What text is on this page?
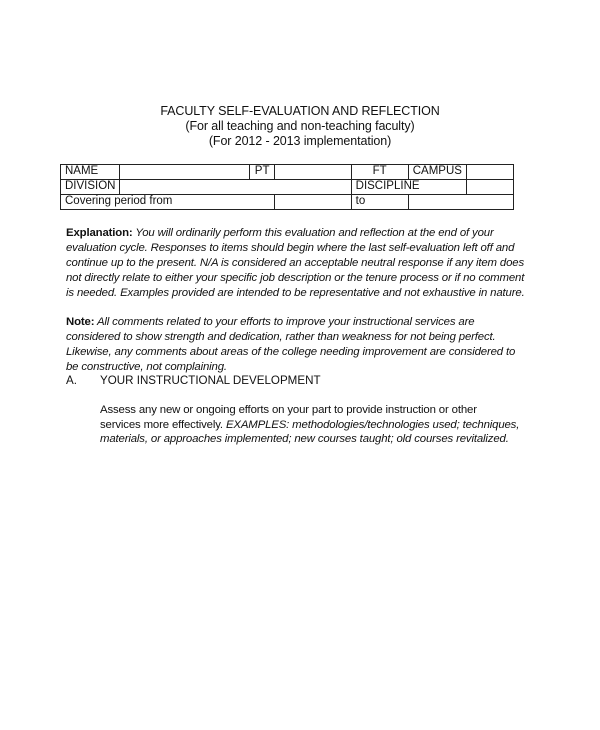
FACULTY SELF-EVALUATION AND REFLECTION
(For all teaching and non-teaching faculty)
(For 2012 - 2013 implementation)
NAME		PT		FT	CAMPUS	
DIVISION				DISCIPLINE		
Covering period from				to		
Explanation: You will ordinarily perform this evaluation and reflection at the end of your evaluation cycle. Responses to items should begin where the last self-evaluation left off and continue up to the present. N/A is considered an acceptable neutral response if any item does not directly relate to either your specific job description or the tenure process or if no comment is needed. Examples provided are intended to be representative and not exhaustive in nature.
Note: All comments related to your efforts to improve your instructional services are considered to show strength and dedication, rather than weakness for not being perfect. Likewise, any comments about areas of the college needing improvement are considered to be constructive, not complaining.
A. YOUR INSTRUCTIONAL DEVELOPMENT
Assess any new or ongoing efforts on your part to provide instruction or other services more effectively. EXAMPLES: methodologies/technologies used; techniques, materials, or approaches implemented; new courses taught; old courses revitalized.
